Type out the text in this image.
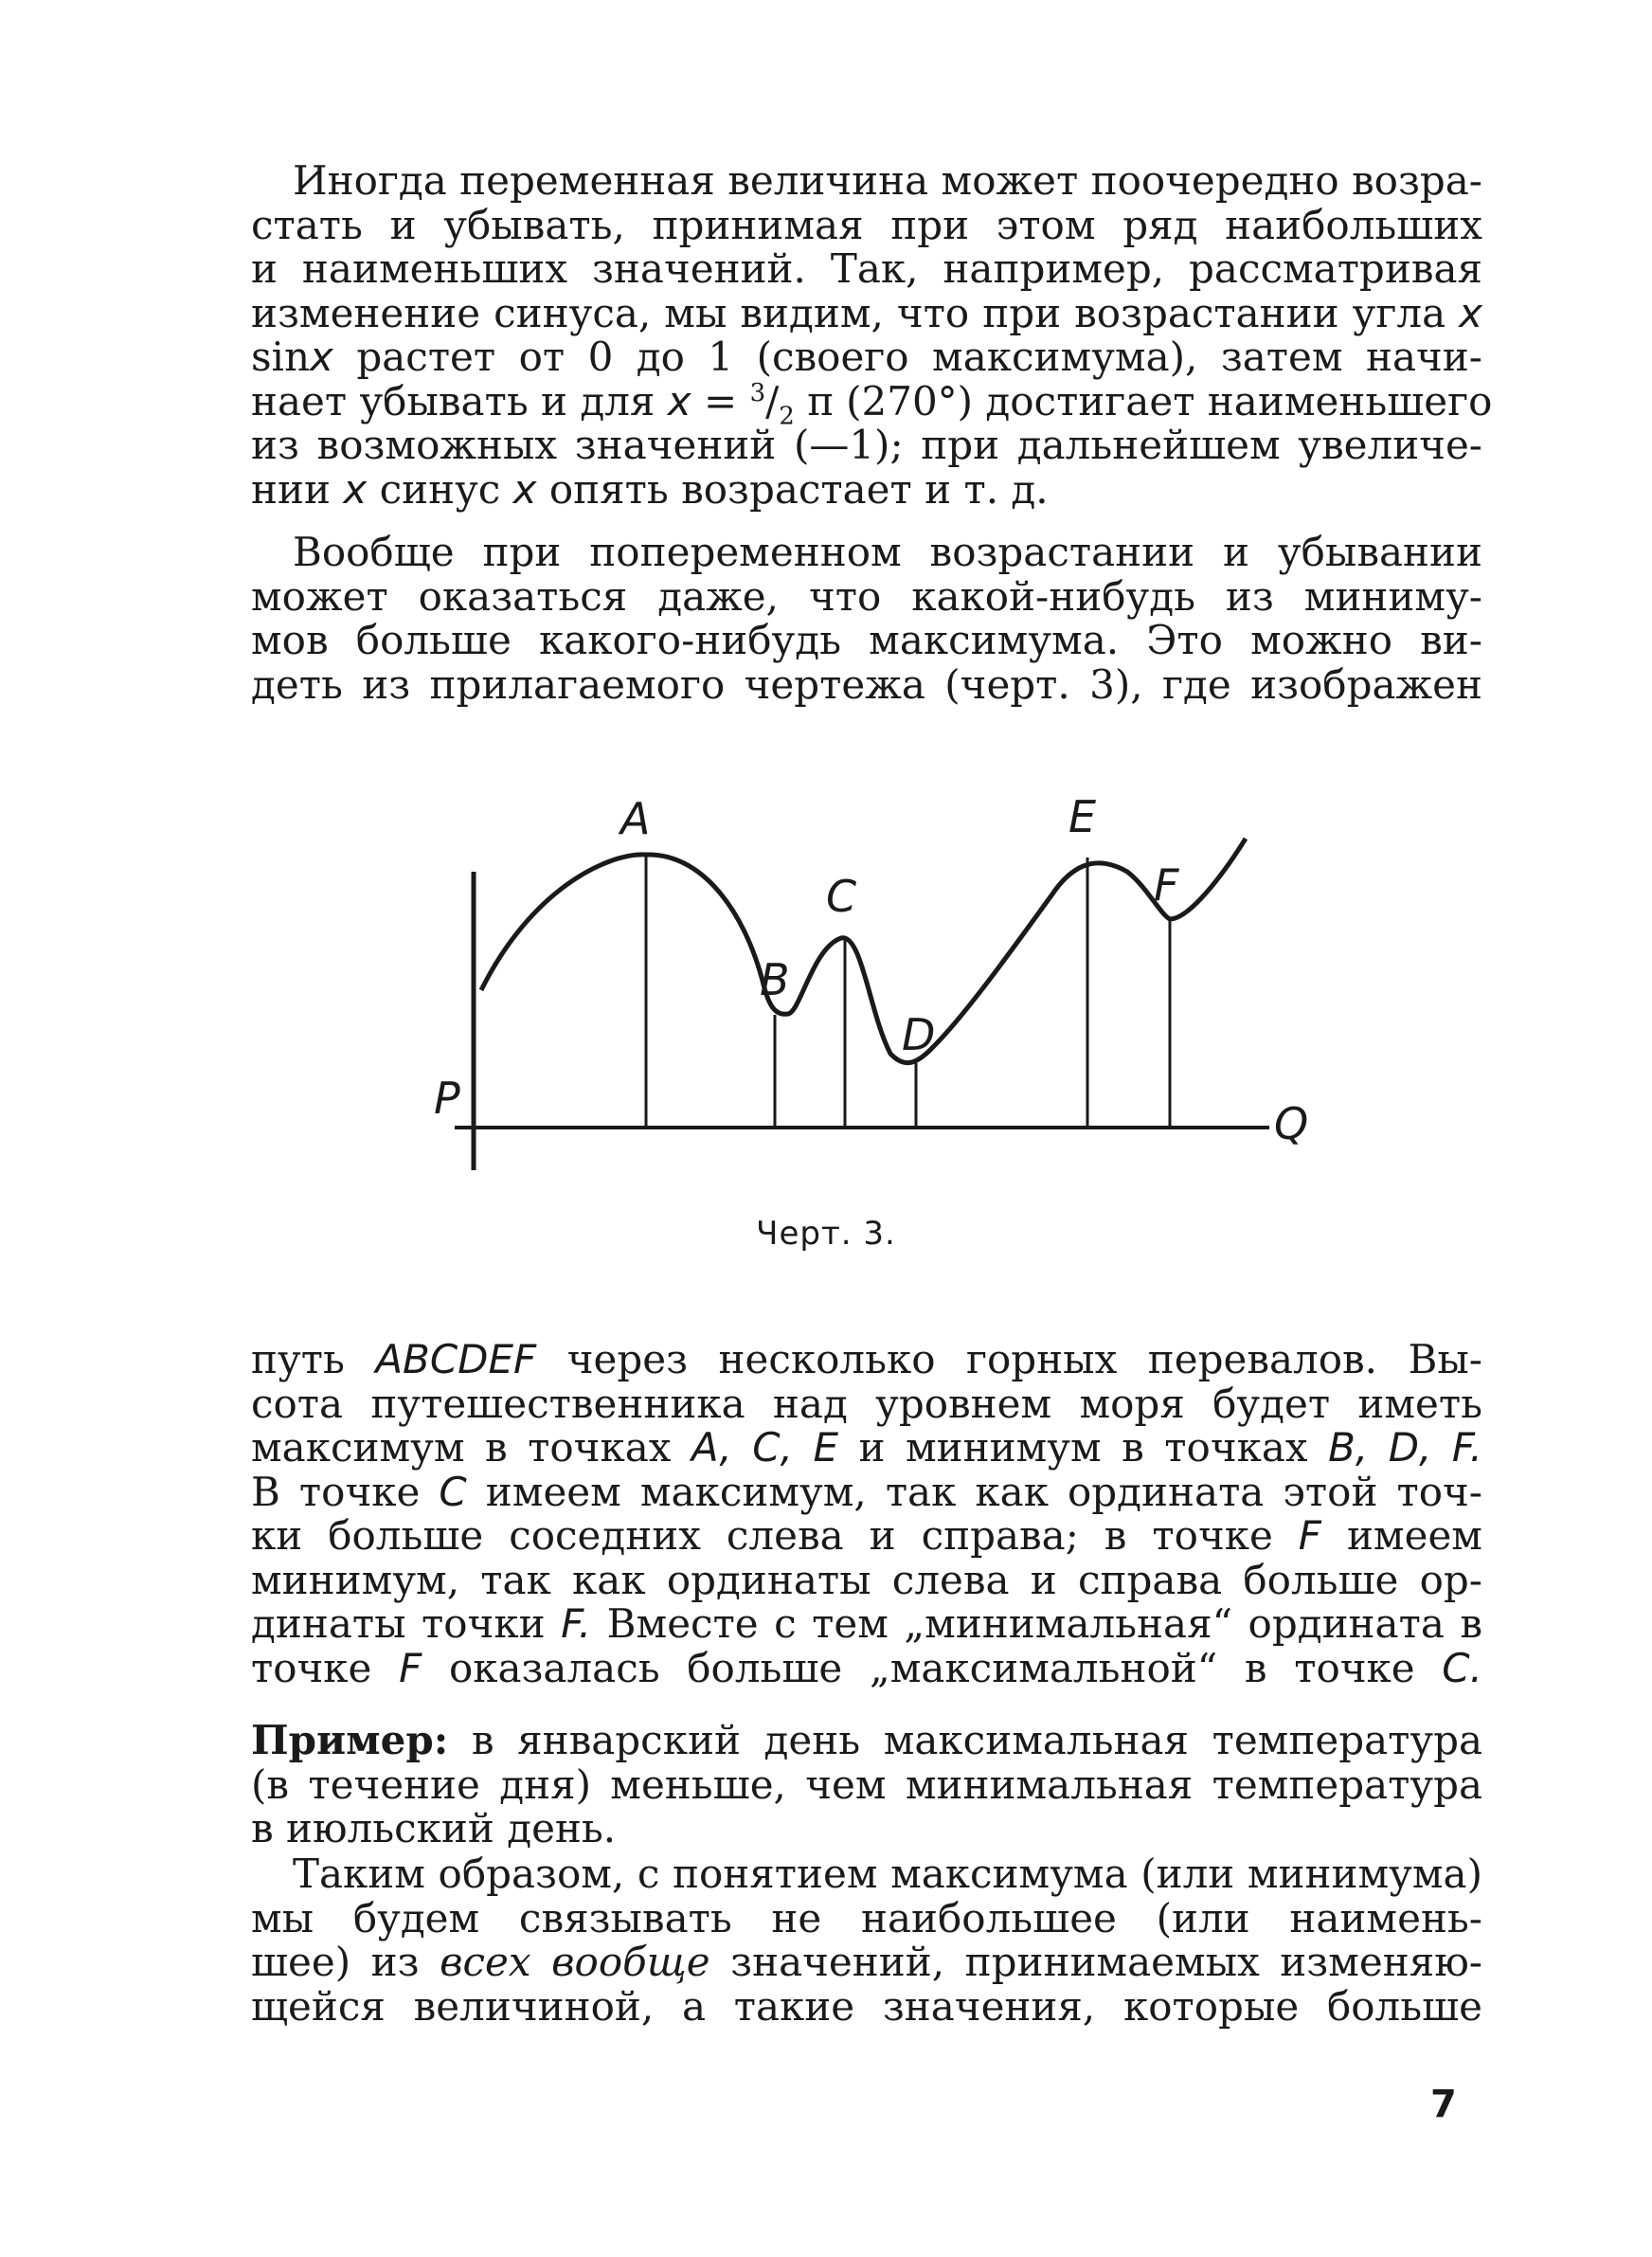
Иногда переменная величина может поочередно возра-
стать и убывать, принимая при этом ряд наибольших
и наименьших значений. Так, например, рассматривая
изменение синуса, мы видим, что при возрастании угла x
sinx растет от 0 до 1 (своего максимума), затем начи-
нает убывать и для $x = ^3/_2$ π (270°) достигает наименьшего
из возможных значений (—1); при дальнейшем увеличе-
нии x синус x опять возрастает и т. д.
Вообще при попеременном возрастании и убывании
может оказаться даже, что какой-нибудь из миниму-
мов больше какого-нибудь максимума. Это можно ви-
деть из прилагаемого чертежа (черт. 3), где изображен
A
B
C
D
E
F
P	Q
Черт. 3.
путь ABCDEF через несколько горных перевалов. Вы-
сота путешественника над уровнем моря будет иметь
максимум в точках A, C, E и минимум в точках B, D, F.
В точке C имеем максимум, так как ордината этой точ-
ки больше соседних слева и справа; в точке F имеем
минимум, так как ординаты слева и справа больше ор-
динаты точки F. Вместе с тем „минимальная“ ордината в
точке F оказалась больше „максимальной“ в точке C.
Пример: в январский день максимальная температура
(в течение дня) меньше, чем минимальная температура
в июльский день.
Таким образом, с понятием максимума (или минимума)
мы будем связывать не наибольшее (или наимень-
шее) из всех вообще значений, принимаемых изменяю-
щейся величиной, а такие значения, которые больше
7
